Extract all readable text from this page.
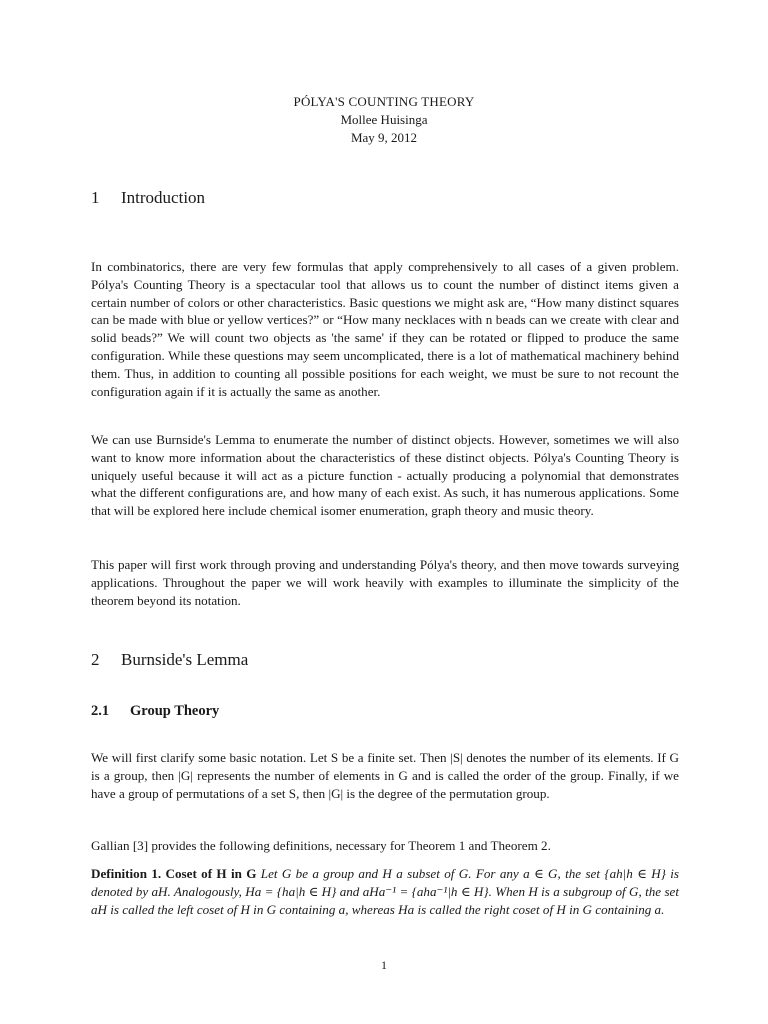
PÓLYA'S COUNTING THEORY
Mollee Huisinga
May 9, 2012
1 Introduction

In combinatorics, there are very few formulas that apply comprehensively to all cases of a given problem. Pólya's Counting Theory is a spectacular tool that allows us to count the number of distinct items given a certain number of colors or other characteristics. Basic questions we might ask are, “How many distinct squares can be made with blue or yellow vertices?” or “How many necklaces with n beads can we create with clear and solid beads?” We will count two objects as 'the same' if they can be rotated or flipped to produce the same configuration. While these questions may seem uncomplicated, there is a lot of mathematical machinery behind them. Thus, in addition to counting all possible positions for each weight, we must be sure to not recount the configuration again if it is actually the same as another.

We can use Burnside's Lemma to enumerate the number of distinct objects. However, sometimes we will also want to know more information about the characteristics of these distinct objects. Pólya's Counting Theory is uniquely useful because it will act as a picture function - actually producing a polynomial that demonstrates what the different configurations are, and how many of each exist. As such, it has numerous applications. Some that will be explored here include chemical isomer enumeration, graph theory and music theory.

This paper will first work through proving and understanding Pólya's theory, and then move towards surveying applications. Throughout the paper we will work heavily with examples to illuminate the simplicity of the theorem beyond its notation.

2 Burnside's Lemma
2.1 Group Theory

We will first clarify some basic notation. Let S be a finite set. Then |S| denotes the number of its elements. If G is a group, then |G| represents the number of elements in G and is called the order of the group. Finally, if we have a group of permutations of a set S, then |G| is the degree of the permutation group.

Gallian [3] provides the following definitions, necessary for Theorem 1 and Theorem 2.

Definition 1. Coset of H in G Let G be a group and H a subset of G. For any a ∈ G, the set {ah|h ∈ H} is denoted by aH. Analogously, Ha = {ha|h ∈ H} and aHa⁻¹ = {aha⁻¹|h ∈ H}. When H is a subgroup of G, the set aH is called the left coset of H in G containing a, whereas Ha is called the right coset of H in G containing a.

1
